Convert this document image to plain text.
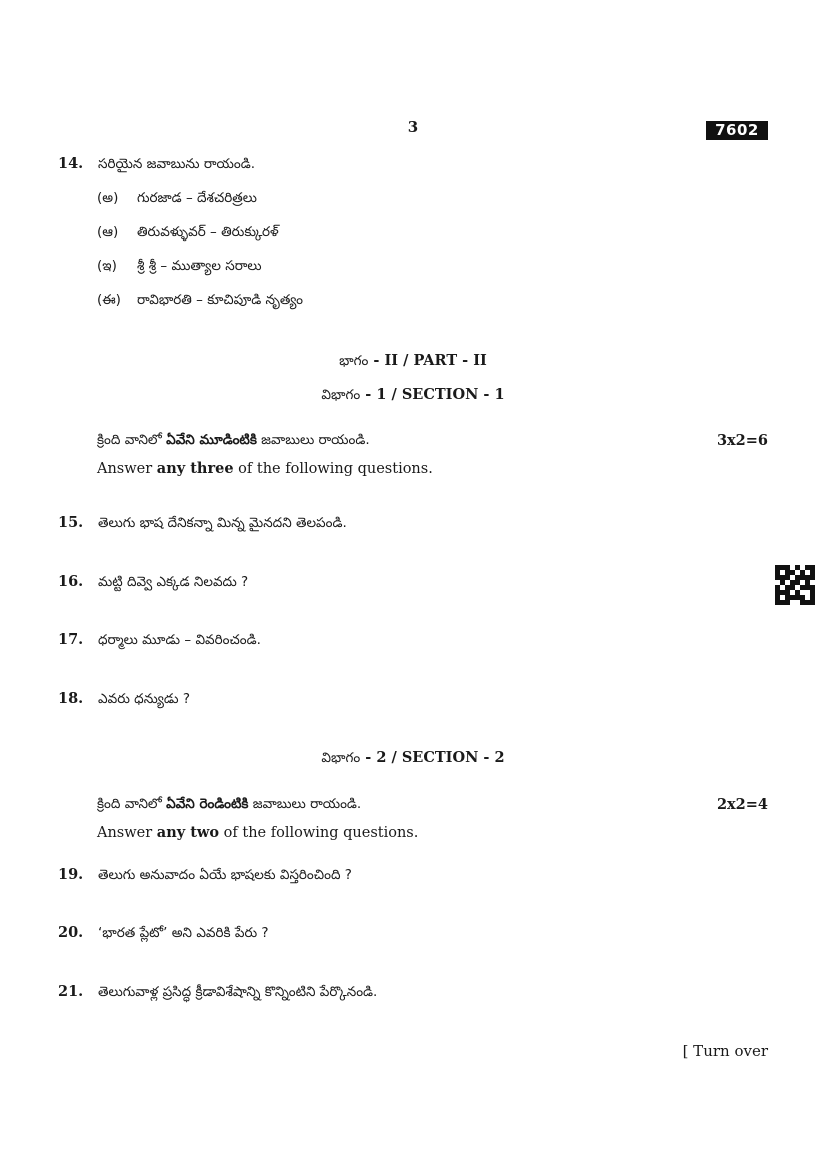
3	7602
14. సరియైన జవాబును రాయండి.
(అ) గురజాడ – దేశచరిత్రలు
(ఆ) తిరువళ్ళువర్ – తిరుక్కురళ్
(ఇ) శ్రీ శ్రీ – ముత్యాల సరాలు
(ఈ) రావిభారతి – కూచిపూడి నృత్యం
భాగం - II / PART - II
విభాగం - 1 / SECTION - 1
క్రింది వానిలో ఏవేని మూడింటికి జవాబులు రాయండి.	3x2=6
Answer any three of the following questions.
15. తెలుగు భాష దేనికన్నా మిన్న మైనదని తెలపండి.
16. మట్టి దివ్వె ఎక్కడ నిలవదు ?
17. ధర్మాలు మూడు – వివరించండి.
18. ఎవరు ధన్యుడు ?
విభాగం - 2 / SECTION - 2
క్రింది వానిలో ఏవేని రెండింటికి జవాబులు రాయండి.	2x2=4
Answer any two of the following questions.
19. తెలుగు అనువాదం ఏయే భాషలకు విస్తరించింది ?
20. ‘భారత ప్లేటో’ అని ఎవరికి పేరు ?
21. తెలుగువాళ్ల ప్రసిద్ధ క్రీడావిశేషాన్ని కొన్నింటిని పేర్కొనండి.
[ Turn over
